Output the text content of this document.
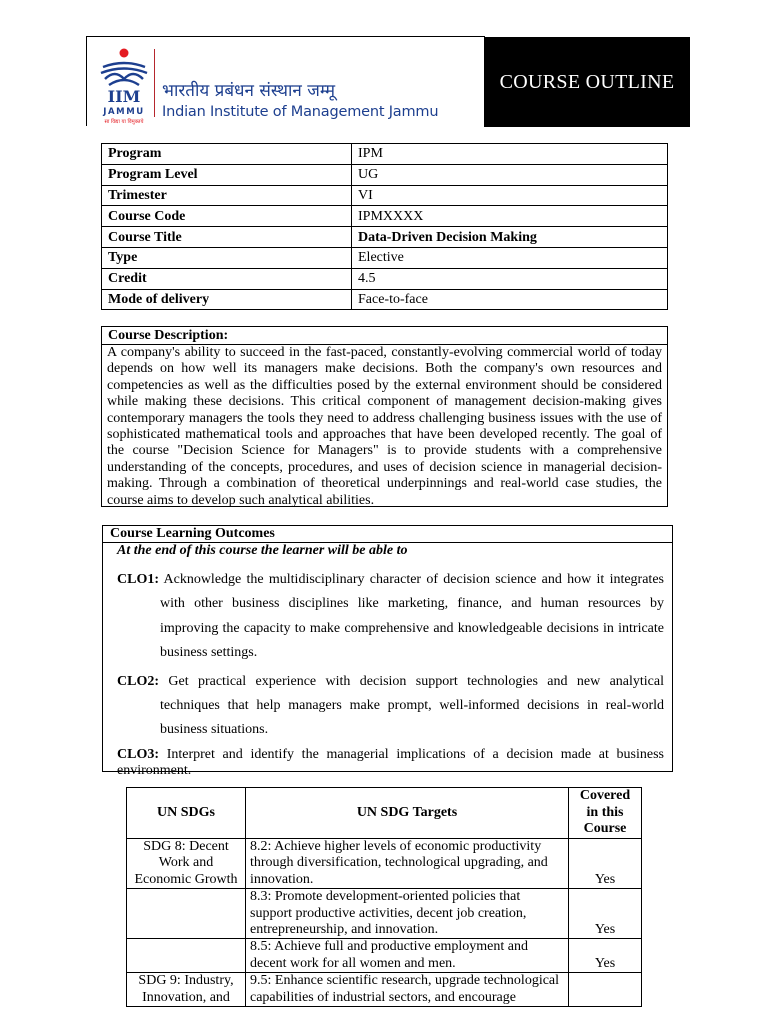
IIM
JAMMU
सा विद्या या विमुक्तये
भारतीय प्रबंधन संस्थान जम्मू
Indian Institute of Management Jammu
COURSE OUTLINE
Program	IPM
Program Level	UG
Trimester	VI
Course Code	IPMXXXX
Course Title	Data-Driven Decision Making
Type	Elective
Credit	4.5
Mode of delivery	Face-to-face
Course Description:
A company's ability to succeed in the fast-paced, constantly-evolving commercial world of today depends on how well its managers make decisions. Both the company's own resources and competencies as well as the difficulties posed by the external environment should be considered while making these decisions. This critical component of management decision-making gives contemporary managers the tools they need to address challenging business issues with the use of sophisticated mathematical tools and approaches that have been developed recently. The goal of the course "Decision Science for Managers" is to provide students with a comprehensive understanding of the concepts, procedures, and uses of decision science in managerial decision-making. Through a combination of theoretical underpinnings and real-world case studies, the course aims to develop such analytical abilities.
Course Learning Outcomes
At the end of this course the learner will be able to
CLO1: Acknowledge the multidisciplinary character of decision science and how it integrates with other business disciplines like marketing, finance, and human resources by improving the capacity to make comprehensive and knowledgeable decisions in intricate business settings.
CLO2: Get practical experience with decision support technologies and new analytical techniques that help managers make prompt, well-informed decisions in real-world business situations.
CLO3: Interpret and identify the managerial implications of a decision made at business environment.
UN SDGs	UN SDG Targets	Covered in this Course
SDG 8: Decent Work and Economic Growth	8.2: Achieve higher levels of economic productivity through diversification, technological upgrading, and innovation.	Yes
	8.3: Promote development-oriented policies that support productive activities, decent job creation, entrepreneurship, and innovation.	Yes
	8.5: Achieve full and productive employment and decent work for all women and men.	Yes
SDG 9: Industry, Innovation, and	9.5: Enhance scientific research, upgrade technological capabilities of industrial sectors, and encourage	
